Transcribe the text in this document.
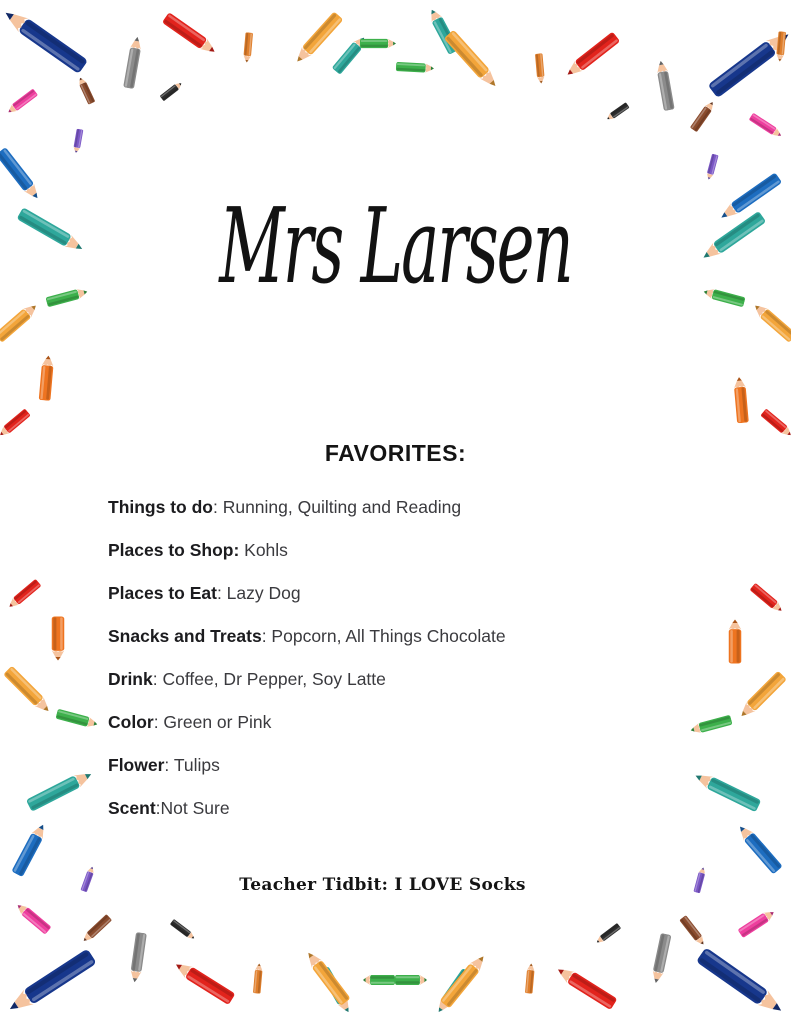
Mrs Larsen
FAVORITES:

Things to do: Running, Quilting and Reading

Places to Shop: Kohls

Places to Eat: Lazy Dog

Snacks and Treats: Popcorn, All Things Chocolate

Drink: Coffee, Dr Pepper, Soy Latte

Color: Green or Pink

Flower: Tulips

Scent:Not Sure

Teacher Tidbit: I LOVE Socks
